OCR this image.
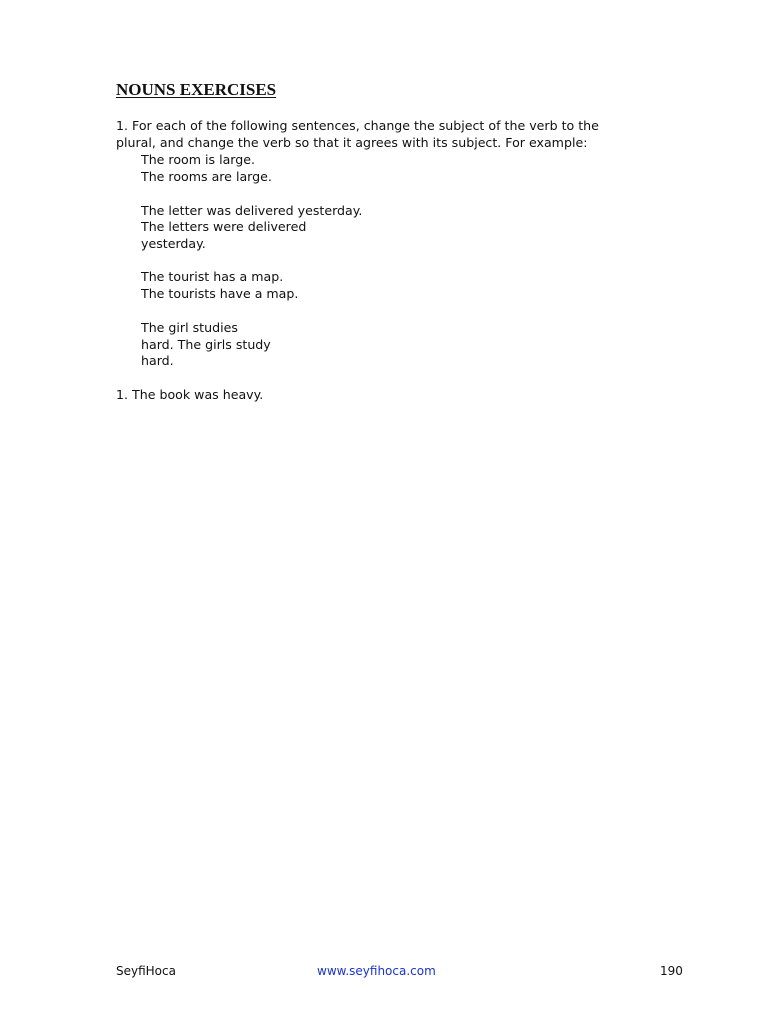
NOUNS EXERCISES

1. For each of the following sentences, change the subject of the verb to the

plural, and change the verb so that it agrees with its subject. For example:

The room is large.

The rooms are large.

The letter was delivered yesterday.

The letters were delivered

yesterday.

The tourist has a map.

The tourists have a map.

The girl studies

hard. The girls study

hard.

1. The book was heavy.

SeyfiHoca	www.seyfihoca.com	190
